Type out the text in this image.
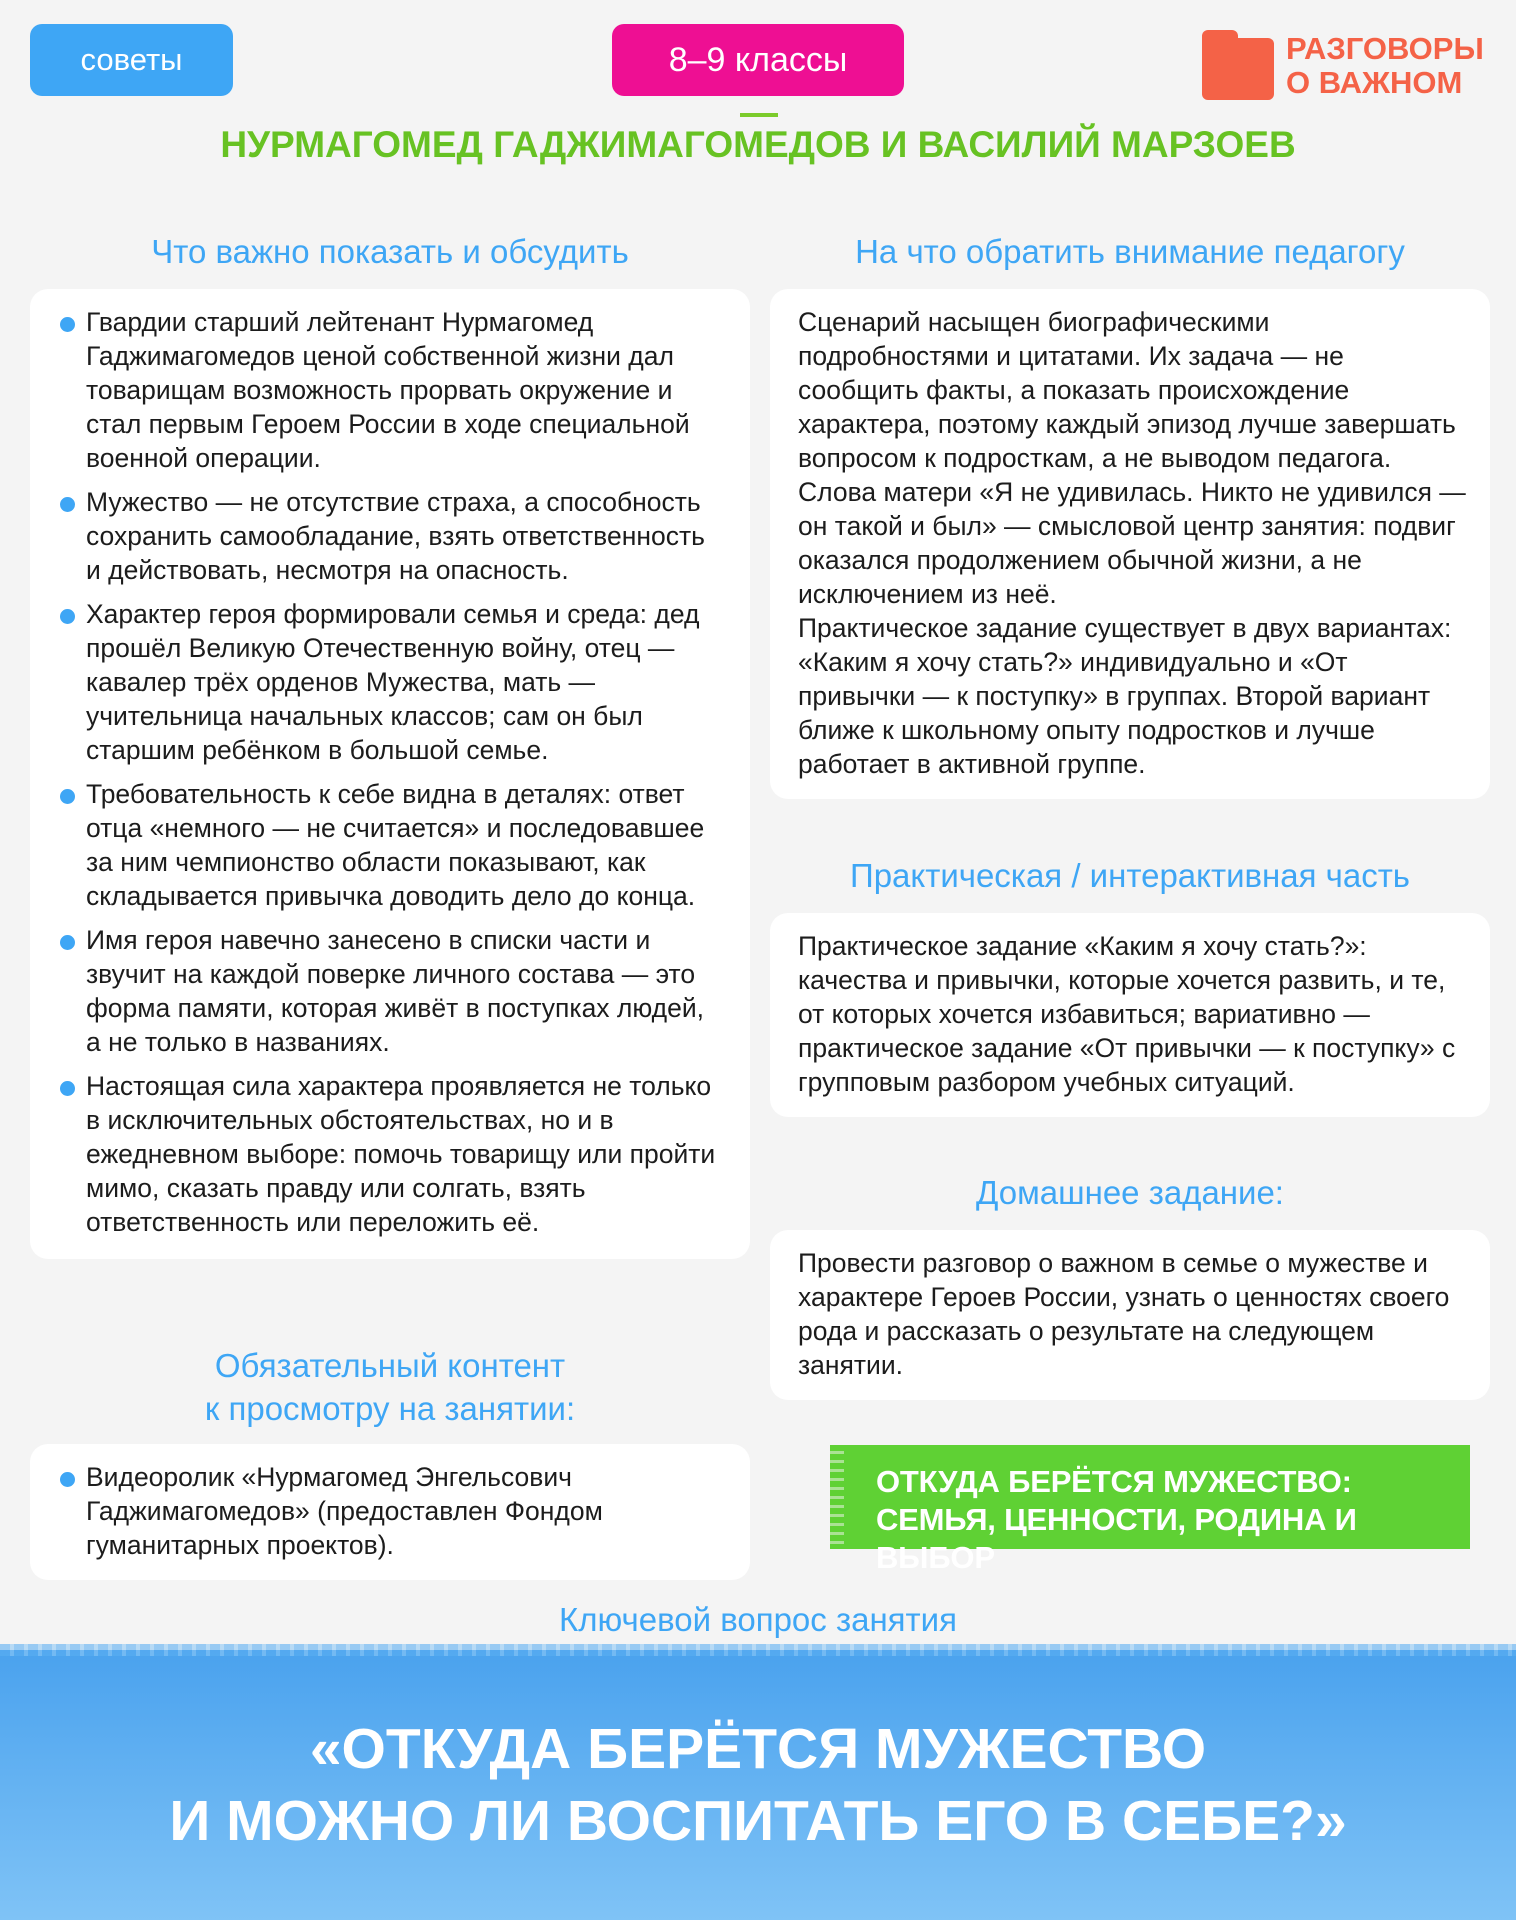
советы	8–9 классы	РАЗГОВОРЫ
О ВАЖНОМ
НУРМАГОМЕД ГАДЖИМАГОМЕДОВ И ВАСИЛИЙ МАРЗОЕВ
Что важно показать и обсудить
Гвардии старший лейтенант Нурмагомед Гаджимагомедов ценой собственной жизни дал товарищам возможность прорвать окружение и стал первым Героем России в ходе специальной военной операции.
Мужество — не отсутствие страха, а способность сохранить самообладание, взять ответственность и действовать, несмотря на опасность.
Характер героя формировали семья и среда: дед прошёл Великую Отечественную войну, отец — кавалер трёх орденов Мужества, мать — учительница начальных классов; сам он был старшим ребёнком в большой семье.
Требовательность к себе видна в деталях: ответ отца «немного — не считается» и последовавшее за ним чемпионство области показывают, как складывается привычка доводить дело до конца.
Имя героя навечно занесено в списки части и звучит на каждой поверке личного состава — это форма памяти, которая живёт в поступках людей, а не только в названиях.
Настоящая сила характера проявляется не только в исключительных обстоятельствах, но и в ежедневном выборе: помочь товарищу или пройти мимо, сказать правду или солгать, взять ответственность или переложить её.
Обязательный контент
к просмотру на занятии:
Видеоролик «Нурмагомед Энгельсович Гаджимагомедов» (предоставлен Фондом гуманитарных проектов).
На что обратить внимание педагогу

Сценарий насыщен биографическими подробностями и цитатами. Их задача — не сообщить факты, а показать происхождение характера, поэтому каждый эпизод лучше завершать вопросом к подросткам, а не выводом педагога.

Слова матери «Я не удивилась. Никто не удивился — он такой и был» — смысловой центр занятия: подвиг оказался продолжением обычной жизни, а не исключением из неё.

Практическое задание существует в двух вариантах: «Каким я хочу стать?» индивидуально и «От привычки — к поступку» в группах. Второй вариант ближе к школьному опыту подростков и лучше работает в активной группе.

Практическая / интерактивная часть

Практическое задание «Каким я хочу стать?»: качества и привычки, которые хочется развить, и те, от которых хочется избавиться; вариативно — практическое задание «От привычки — к поступку» с групповым разбором учебных ситуаций.

Домашнее задание:

Провести разговор о важном в семье о мужестве и характере Героев России, узнать о ценностях своего рода и рассказать о результате на следующем занятии.

ОТКУДА БЕРЁТСЯ МУЖЕСТВО: СЕМЬЯ, ЦЕННОСТИ, РОДИНА И ВЫБОР
Ключевой вопрос занятия
«ОТКУДА БЕРЁТСЯ МУЖЕСТВО
И МОЖНО ЛИ ВОСПИТАТЬ ЕГО В СЕБЕ?»
